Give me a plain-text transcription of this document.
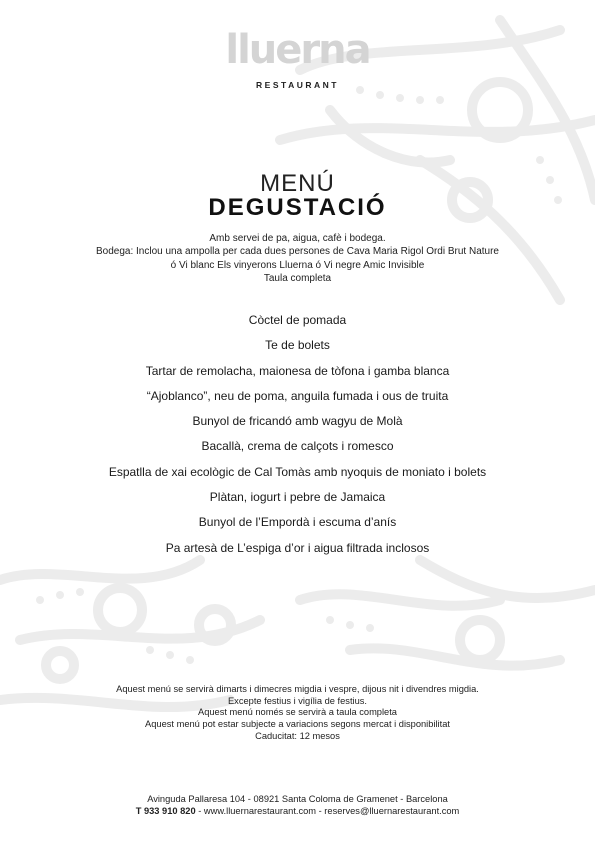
lluerna
RESTAURANT
MENÚ
DEGUSTACIÓ
Amb servei de pa, aigua, cafè i bodega.
Bodega: Inclou una ampolla per cada dues persones de Cava Maria Rigol Ordi Brut Nature
ó Vi blanc Els vinyerons Lluerna ó Vi negre Amic Invisible
Taula completa
Còctel de pomada
Te de bolets
Tartar de remolacha, maionesa de tòfona i gamba blanca
“Ajoblanco”, neu de poma, anguila fumada i ous de truita
Bunyol de fricandó amb wagyu de Molà
Bacallà, crema de calçots i romesco
Espatlla de xai ecològic de Cal Tomàs amb nyoquis de moniato i bolets
Plàtan, iogurt i pebre de Jamaica
Bunyol de l’Empordà i escuma d’anís
Pa artesà de L’espiga d’or i aigua filtrada inclosos
Aquest menú se servirà dimarts i dimecres migdia i vespre, dijous nit i divendres migdia.
Excepte festius i vigília de festius.
Aquest menú només se servirà a taula completa
Aquest menú pot estar subjecte a variacions segons mercat i disponibilitat
Caducitat: 12 mesos
Avinguda Pallaresa 104 - 08921 Santa Coloma de Gramenet - Barcelona
T 933 910 820 - www.lluernarestaurant.com - reserves@lluernarestaurant.com
